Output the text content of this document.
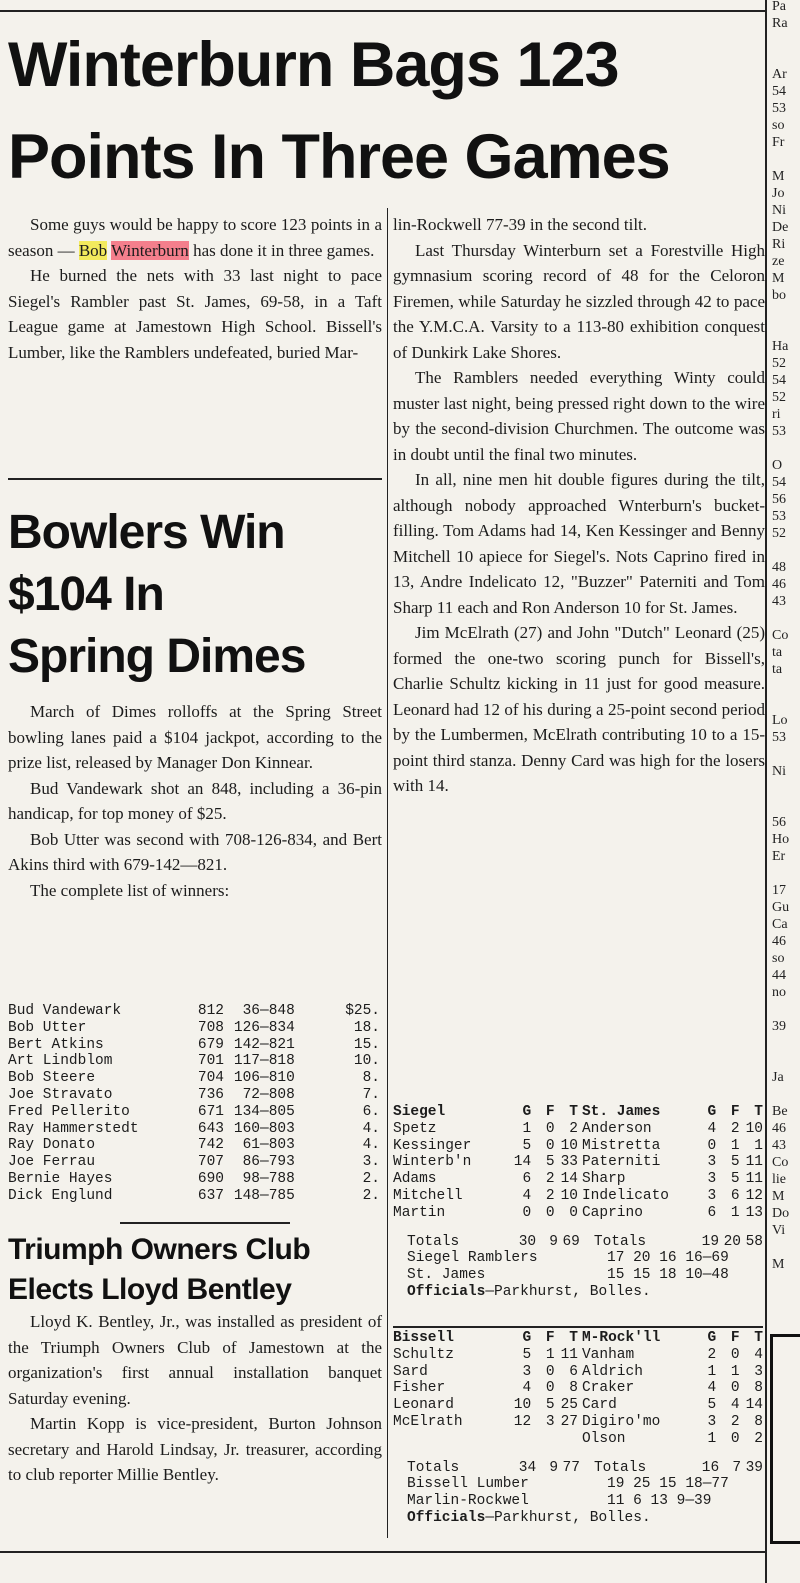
Winterburn Bags 123
Points In Three Games

Some guys would be happy to score 123 points in a season — Bob Winterburn has done it in three games.

He burned the nets with 33 last night to pace Siegel's Rambler past St. James, 69-58, in a Taft League game at Jamestown High School. Bissell's Lumber, like the Ramblers undefeated, buried Mar-

Bowlers Win
$104 In
Spring Dimes

March of Dimes rolloffs at the Spring Street bowling lanes paid a $104 jackpot, according to the prize list, released by Manager Don Kinnear.

Bud Vandewark shot an 848, including a 36-pin handicap, for top money of $25.

Bob Utter was second with 708-126-834, and Bert Akins third with 679-142—821.

The complete list of winners:

Bud Vandewark	812	36	—848	$25.
Bob Utter	708	126	—834	18.
Bert Atkins	679	142	—821	15.
Art Lindblom	701	117	—818	10.
Bob Steere	704	106	—810	8.
Joe Stravato	736	72	—808	7.
Fred Pellerito	671	134	—805	6.
Ray Hammerstedt	643	160	—803	4.
Ray Donato	742	61	—803	4.
Joe Ferrau	707	86	—793	3.
Bernie Hayes	690	98	—788	2.
Dick Englund	637	148	—785	2.
Triumph Owners Club
Elects Lloyd Bentley

Lloyd K. Bentley, Jr., was installed as president of the Triumph Owners Club of Jamestown at the organization's first annual installation banquet Saturday evening.

Martin Kopp is vice-president, Burton Johnson secretary and Harold Lindsay, Jr. treasurer, according to club reporter Millie Bentley.

lin-Rockwell 77-39 in the second tilt.

Last Thursday Winterburn set a Forestville High gymnasium scoring record of 48 for the Celoron Firemen, while Saturday he sizzled through 42 to pace the Y.M.C.A. Varsity to a 113-80 exhibition conquest of Dunkirk Lake Shores.

The Ramblers needed everything Winty could muster last night, being pressed right down to the wire by the second-division Churchmen. The outcome was in doubt until the final two minutes.

In all, nine men hit double figures during the tilt, although nobody approached Wnterburn's bucket-filling. Tom Adams had 14, Ken Kessinger and Benny Mitchell 10 apiece for Siegel's. Nots Caprino fired in 13, Andre Indelicato 12, "Buzzer" Paterniti and Tom Sharp 11 each and Ron Anderson 10 for St. James.

Jim McElrath (27) and John "Dutch" Leonard (25) formed the one-two scoring punch for Bissell's, Charlie Schultz kicking in 11 just for good measure. Leonard had 12 of his during a 25-point second period by the Lumbermen, McElrath contributing 10 to a 15-point third stanza. Denny Card was high for the losers with 14.

Siegel	G	F	T	St. James	G	F	T
Spetz	1	0	2	Anderson	4	2	10
Kessinger	5	0	10	Mistretta	0	1	1
Winterb'n	14	5	33	Paterniti	3	5	11
Adams	6	2	14	Sharp	3	5	11
Mitchell	4	2	10	Indelicato	3	6	12
Martin	0	0	0	Caprino	6	1	13
Totals	30	9	69	Totals	19	20	58
Siegel Ramblers	17 20 16 16—69
St. James	15 15 18 10—48
Officials—Parkhurst, Bolles.
Bissell	G	F	T	M-Rock'll	G	F	T
Schultz	5	1	11	Vanham	2	0	4
Sard	3	0	6	Aldrich	1	1	3
Fisher	4	0	8	Craker	4	0	8
Leonard	10	5	25	Card	5	4	14
McElrath	12	3	27	Digiro'mo	3	2	8
				Olson	1	0	2
Totals	34	9	77	Totals	16	7	39
Bissell Lumber	19 25 15 18—77
Marlin-Rockwel	11 6 13 9—39
Officials—Parkhurst, Bolles.
Pa
Ra

Ar
54
53
so
Fr

M
Jo
Ni
De
Ri
ze
M
bo

Ha
52
54
52
ri
53

O
54
56
53
52

48
46
43

Co
ta
ta

Lo
53

Ni

56
Ho
Er

17
Gu
Ca
46
so
44
no

39

Ja

Be
46
43
Co
lie
M
Do
Vi

M
